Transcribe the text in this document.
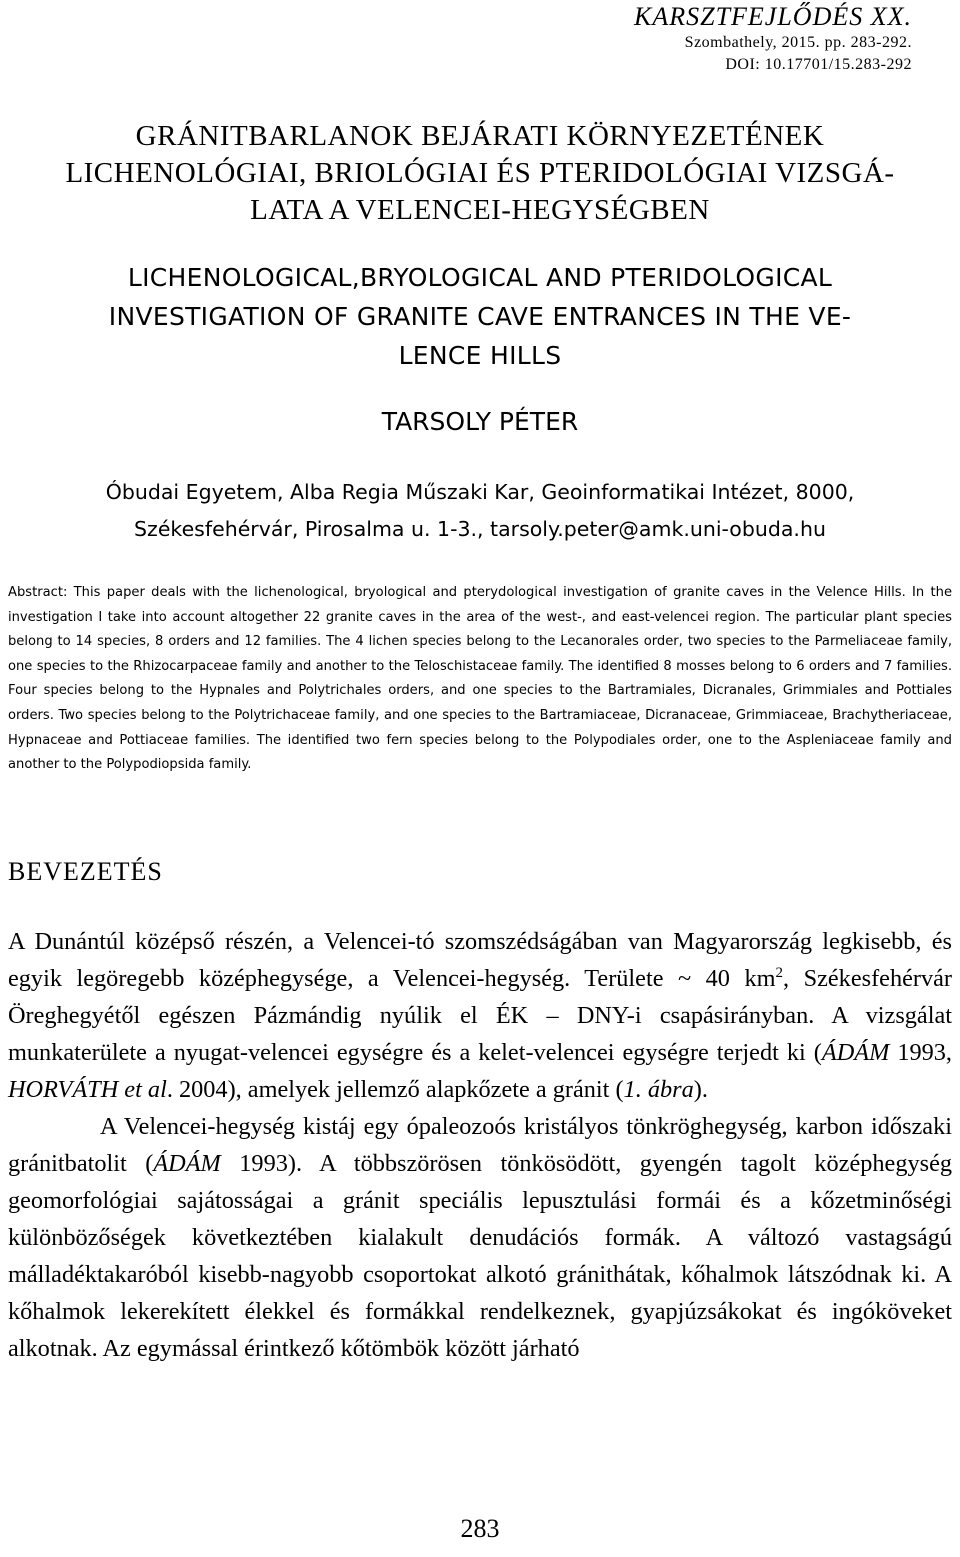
KARSZTFEJLŐDÉS XX.
Szombathely, 2015. pp. 283-292.
DOI: 10.17701/15.283-292
GRÁNITBARLANOK BEJÁRATI KÖRNYEZETÉNEK
LICHENOLÓGIAI, BRIOLÓGIAI ÉS PTERIDOLÓGIAI VIZSGÁ-
LATA A VELENCEI-HEGYSÉGBEN
LICHENOLOGICAL,BRYOLOGICAL AND PTERIDOLOGICAL
INVESTIGATION OF GRANITE CAVE ENTRANCES IN THE VE-
LENCE HILLS
TARSOLY PÉTER
Óbudai Egyetem, Alba Regia Műszaki Kar, Geoinformatikai Intézet, 8000,
Székesfehérvár, Pirosalma u. 1-3., tarsoly.peter@amk.uni-obuda.hu
Abstract: This paper deals with the lichenological, bryological and pterydological investigation of granite caves in the Velence Hills. In the investigation I take into account altogether 22 granite caves in the area of the west-, and east-velencei region. The particular plant species belong to 14 species, 8 orders and 12 families. The 4 lichen species belong to the Lecanorales order, two species to the Parmeliaceae family, one species to the Rhizocarpaceae family and another to the Teloschistaceae family. The identified 8 mosses belong to 6 orders and 7 families. Four species belong to the Hypnales and Polytrichales orders, and one species to the Bartramiales, Dicranales, Grimmiales and Pottiales orders. Two species belong to the Polytrichaceae family, and one species to the Bartramiaceae, Dicranaceae, Grimmiaceae, Brachytheriaceae, Hypnaceae and Pottiaceae families. The identified two fern species belong to the Polypodiales order, one to the Aspleniaceae family and another to the Polypodiopsida family.
BEVEZETÉS

A Dunántúl középső részén, a Velencei-tó szomszédságában van Magyarország legkisebb, és egyik legöregebb középhegysége, a Velencei-hegység. Területe ~ 40 $km^2$, Székesfehérvár Öreghegyétől egészen Pázmándig nyúlik el ÉK – DNY-i csapásirányban. A vizsgálat munkaterülete a nyugat-velencei egységre és a kelet-velencei egységre terjedt ki (ÁDÁM 1993, HORVÁTH et al. 2004), amelyek jellemző alapkőzete a gránit (1. ábra).

A Velencei-hegység kistáj egy ópaleozoós kristályos tönkröghegység, karbon időszaki gránitbatolit (ÁDÁM 1993). A többszörösen tönkösödött, gyengén tagolt középhegység geomorfológiai sajátosságai a gránit speciális lepusztulási formái és a kőzetminőségi különbözőségek következtében kialakult denudációs formák. A változó vastagságú málladéktakaróból kisebb-nagyobb csoportokat alkotó gránithátak, kőhalmok látszódnak ki. A kőhalmok lekerekített élekkel és formákkal rendelkeznek, gyapjúzsákokat és ingóköveket alkotnak. Az egymással érintkező kőtömbök között járható

283
